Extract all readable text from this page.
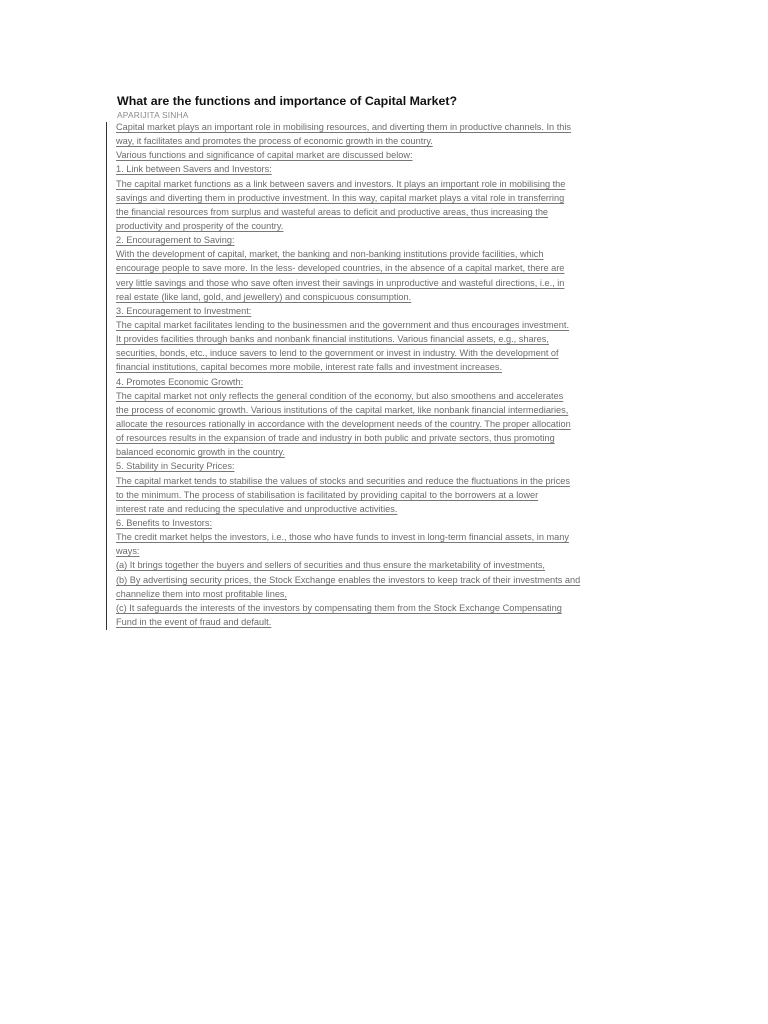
What are the functions and importance of Capital Market?
APARIJITA SINHA
Capital market plays an important role in mobilising resources, and diverting them in productive channels. In this
way, it facilitates and promotes the process of economic growth in the country.
Various functions and significance of capital market are discussed below:
1. Link between Savers and Investors:
The capital market functions as a link between savers and investors. It plays an important role in mobilising the
savings and diverting them in productive investment. In this way, capital market plays a vital role in transferring
the financial resources from surplus and wasteful areas to deficit and productive areas, thus increasing the
productivity and prosperity of the country.
2. Encouragement to Saving:
With the development of capital, market, the banking and non-banking institutions provide facilities, which
encourage people to save more. In the less- developed countries, in the absence of a capital market, there are
very little savings and those who save often invest their savings in unproductive and wasteful directions, i.e., in
real estate (like land, gold, and jewellery) and conspicuous consumption.
3. Encouragement to Investment:
The capital market facilitates lending to the businessmen and the government and thus encourages investment.
It provides facilities through banks and nonbank financial institutions. Various financial assets, e.g., shares,
securities, bonds, etc., induce savers to lend to the government or invest in industry. With the development of
financial institutions, capital becomes more mobile, interest rate falls and investment increases.
4. Promotes Economic Growth:
The capital market not only reflects the general condition of the economy, but also smoothens and accelerates
the process of economic growth. Various institutions of the capital market, like nonbank financial intermediaries,
allocate the resources rationally in accordance with the development needs of the country. The proper allocation
of resources results in the expansion of trade and industry in both public and private sectors, thus promoting
balanced economic growth in the country.
5. Stability in Security Prices:
The capital market tends to stabilise the values of stocks and securities and reduce the fluctuations in the prices
to the minimum. The process of stabilisation is facilitated by providing capital to the borrowers at a lower
interest rate and reducing the speculative and unproductive activities.
6. Benefits to Investors:
The credit market helps the investors, i.e., those who have funds to invest in long-term financial assets, in many
ways:
(a) It brings together the buyers and sellers of securities and thus ensure the marketability of investments,
(b) By advertising security prices, the Stock Exchange enables the investors to keep track of their investments and
channelize them into most profitable lines,
(c) It safeguards the interests of the investors by compensating them from the Stock Exchange Compensating
Fund in the event of fraud and default.
